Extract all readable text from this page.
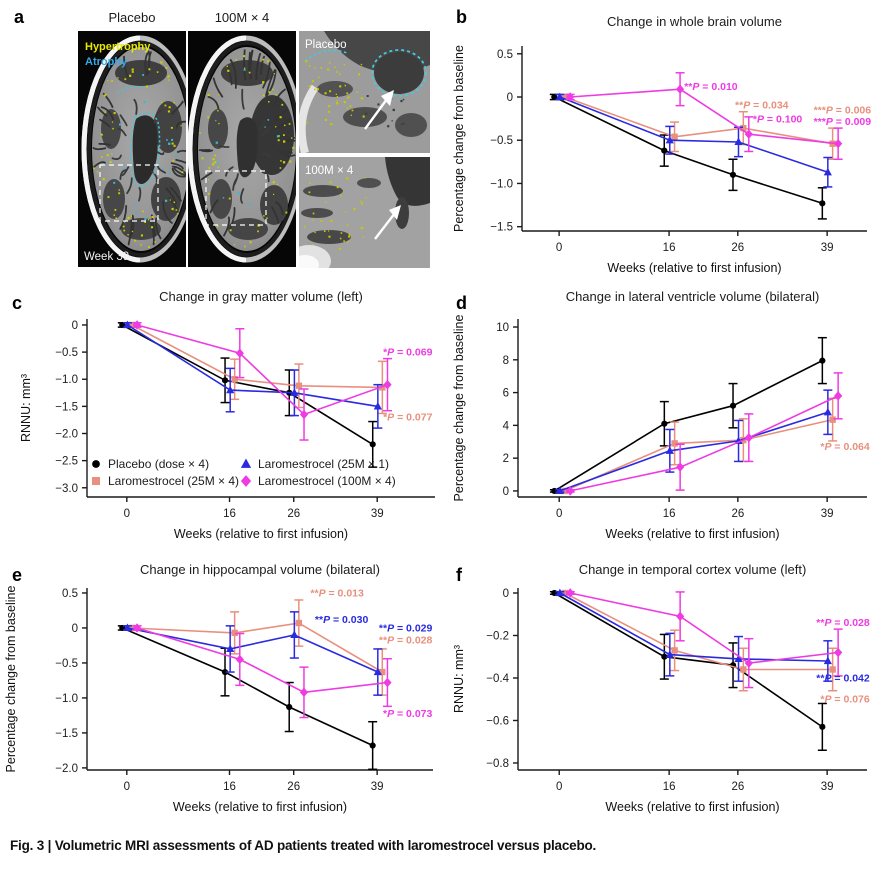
a	Placebo	100M × 4
Hypertrophy
Atrophy
Week 39
Placebo
100M × 4
b
c	d
e	f
Change in whole brain volume
Percentage change from baseline
Weeks (relative to first infusion)
0.5
0
−0.5
−1.0
−1.5
0	16	26	39
**P = 0.010
**P = 0.034
*P = 0.100
***P = 0.006
***P = 0.009
Change in gray matter volume (left)
RNNU: mm³
Weeks (relative to first infusion)
0
−0.5
−1.0
−1.5
−2.0
−2.5
−3.0
0	16	26	39
*P = 0.069
*P = 0.077
Placebo (dose × 4)
Laromestrocel (25M × 4)
Laromestrocel (25M × 1)
Laromestrocel (100M × 4)
Change in lateral ventricle volume (bilateral)
Percentage change from baseline
Weeks (relative to first infusion)
10
8
6
4
2
0
0	16	26	39
*P = 0.064
Change in hippocampal volume (bilateral)
Percentage change from baseline
Weeks (relative to first infusion)
0.5
0
−0.5
−1.0
−1.5
−2.0
0	16	26	39
**P = 0.013
**P = 0.030
**P = 0.029
**P = 0.028
*P = 0.073
Change in temporal cortex volume (left)
RNNU: mm³
Weeks (relative to first infusion)
0
−0.2
−0.4
−0.6
−0.8
0	16	26	39
**P = 0.028
**P = 0.042
*P = 0.076
Fig. 3 | Volumetric MRI assessments of AD patients treated with laromestrocel versus placebo.
